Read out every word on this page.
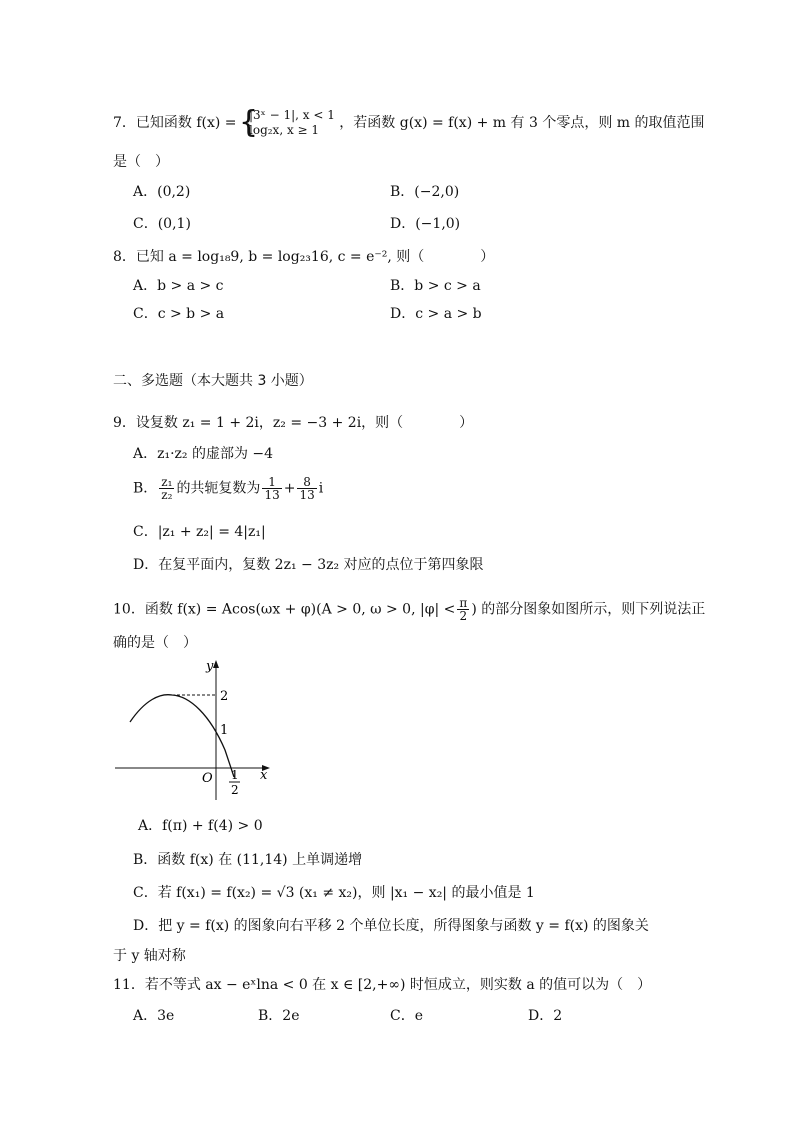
7．已知函数 f(x) =
{ |3ˣ − 1|, x < 1
log₂x, x ≥ 1	，若函数 g(x) = f(x) + m 有 3 个零点，则 m 的取值范围
是（　）
A．(0,2)	B．(−2,0)
C．(0,1)	D．(−1,0)
8．已知 a = log₁₈9, b = log₂₃16, c = e⁻², 则（　　　　）
A．b > a > c	B．b > c > a
C．c > b > a	D．c > a > b
二、多选题（本大题共 3 小题）
9．设复数 z₁ = 1 + 2i，z₂ = −3 + 2i，则（　　　　）
A．z₁·z₂ 的虚部为 −4
B． $\frac{\text{z₁}}{\text{z₂}}$ 的共轭复数为 $\frac{1}{13} + \frac{8}{13}$ i
C．|z₁ + z₂| = 4|z₁|
D．在复平面内，复数 2z₁ − 3z₂ 对应的点位于第四象限
10．函数 f(x) = Acos(ωx + φ)(A > 0, ω > 0, $|\varphi| < \frac{\pi}{2}$ ) 的部分图象如图所示，则下列说法正
确的是（　）
y
x
O
2
1
1
2
A．f(π) + f(4) > 0
B．函数 f(x) 在 (11,14) 上单调递增
C．若 f(x₁) = f(x₂) = √3 (x₁ ≠ x₂)，则 |x₁ − x₂| 的最小值是 1
D．把 y = f(x) 的图象向右平移 2 个单位长度，所得图象与函数 y = f(x) 的图象关
于 y 轴对称
11．若不等式 ax − eˣlna < 0 在 x ∈ [2,+∞) 时恒成立，则实数 a 的值可以为（　）
A．3e	B．2e	C．e	D．2
